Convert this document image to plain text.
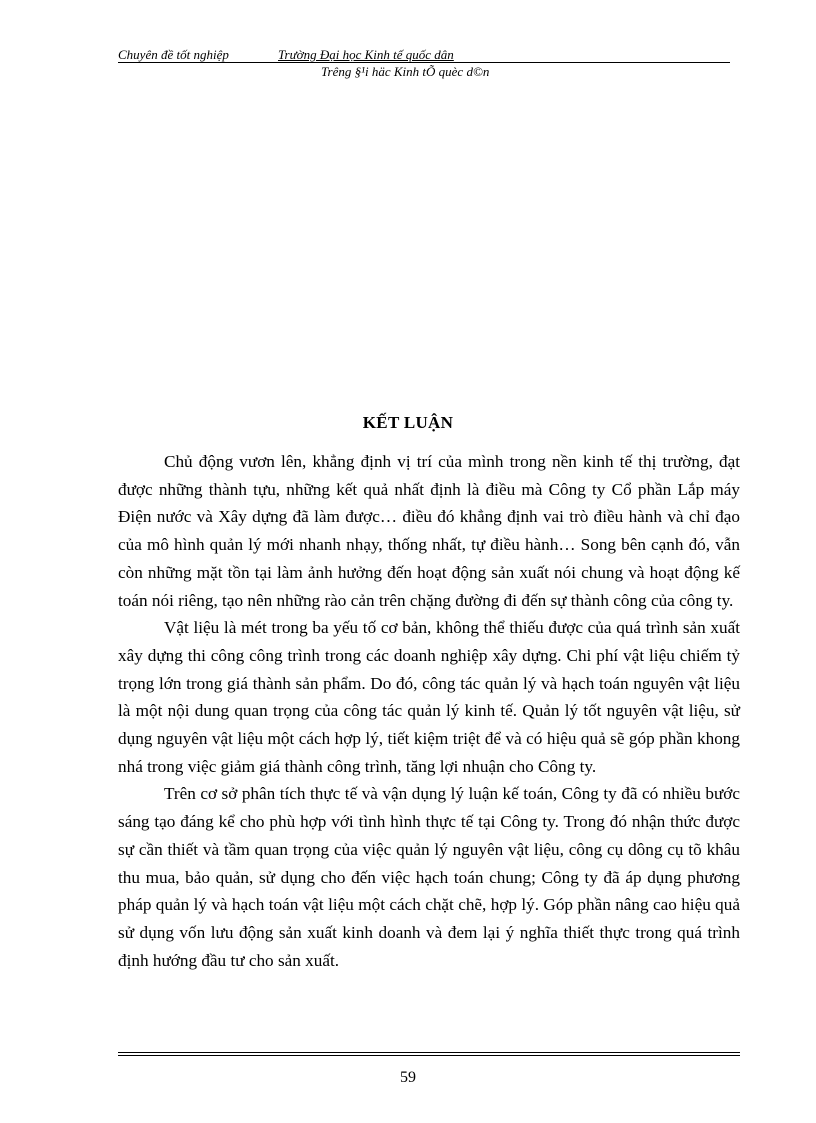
Chuyên đề tốt nghiệp	Trường Đại học Kinh tế quốc dân
Trêng §¹i häc Kinh tÕ quèc d©n
KẾT LUẬN

Chủ động vươn lên, khẳng định vị trí của mình trong nền kinh tế thị trường, đạt được những thành tựu, những kết quả nhất định là điều mà Công ty Cổ phần Lắp máy Điện nước và Xây dựng đã làm được… điều đó khẳng định vai trò điều hành và chỉ đạo của mô hình quản lý mới nhanh nhạy, thống nhất, tự điều hành… Song bên cạnh đó, vẫn còn những mặt tồn tại làm ảnh hưởng đến hoạt động sản xuất nói chung và hoạt động kế toán nói riêng, tạo nên những rào cản trên chặng đường đi đến sự thành công của công ty.

Vật liệu là mét trong ba yếu tố cơ bản, không thể thiếu được của quá trình sản xuất xây dựng thi công công trình trong các doanh nghiệp xây dựng. Chi phí vật liệu chiếm tỷ trọng lớn trong giá thành sản phẩm. Do đó, công tác quản lý và hạch toán nguyên vật liệu là một nội dung quan trọng của công tác quản lý kinh tế. Quản lý tốt nguyên vật liệu, sử dụng nguyên vật liệu một cách hợp lý, tiết kiệm triệt để và có hiệu quả sẽ góp phần khong nhá trong việc giảm giá thành công trình, tăng lợi nhuận cho Công ty.

Trên cơ sở phân tích thực tế và vận dụng lý luận kế toán, Công ty đã có nhiều bước sáng tạo đáng kể cho phù hợp với tình hình thực tế tại Công ty. Trong đó nhận thức được sự cần thiết và tầm quan trọng của việc quản lý nguyên vật liệu, công cụ dông cụ tõ khâu thu mua, bảo quản, sử dụng cho đến việc hạch toán chung; Công ty đã áp dụng phương pháp quản lý và hạch toán vật liệu một cách chặt chẽ, hợp lý. Góp phần nâng cao hiệu quả sử dụng vốn lưu động sản xuất kinh doanh và đem lại ý nghĩa thiết thực trong quá trình định hướng đầu tư cho sản xuất.

59
